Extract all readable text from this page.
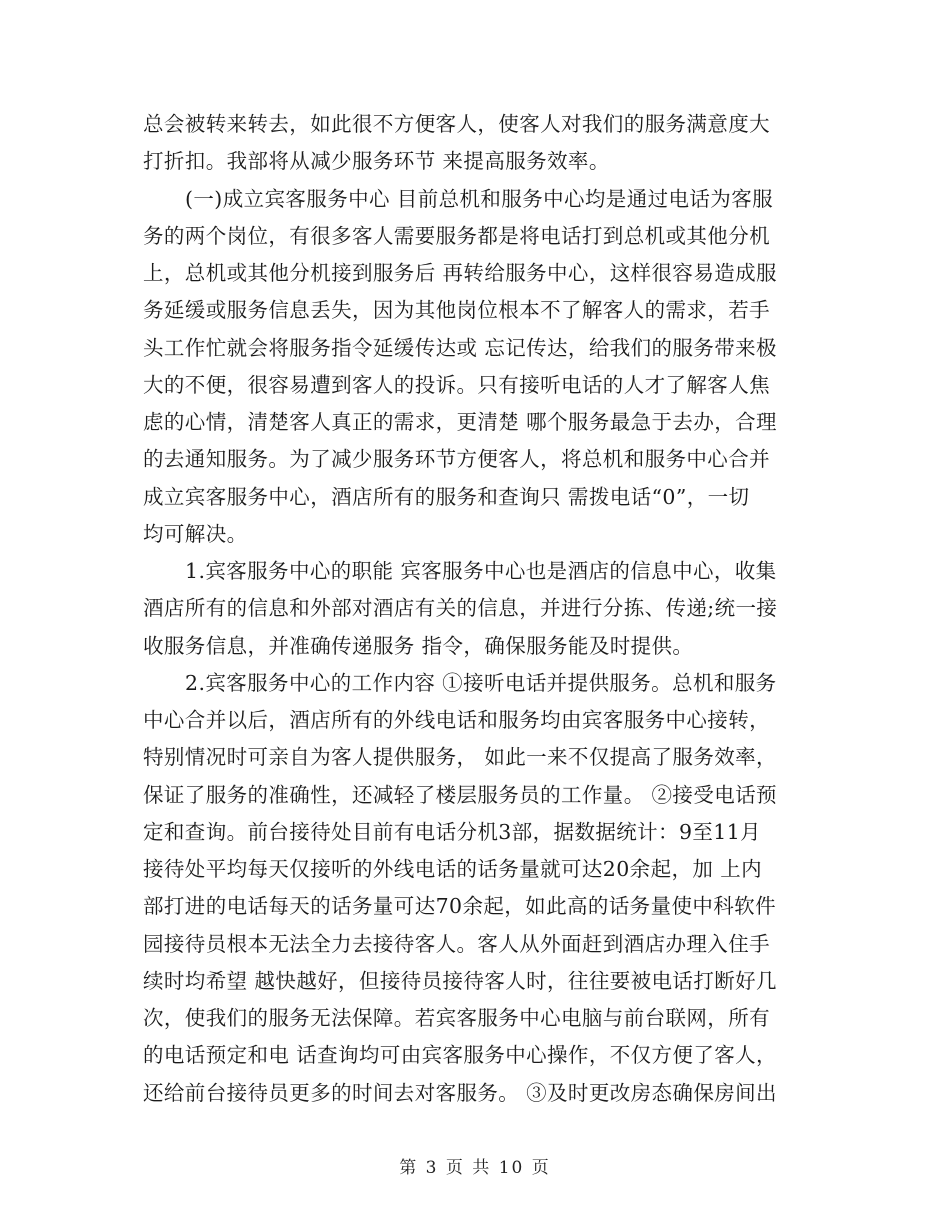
总会被转来转去，如此很不方便客人，使客人对我们的服务满意度大
打折扣。我部将从减少服务环节 来提高服务效率。
(一)成立宾客服务中心 目前总机和服务中心均是通过电话为客服
务的两个岗位，有很多客人需要服务都是将电话打到总机或其他分机
上，总机或其他分机接到服务后 再转给服务中心，这样很容易造成服
务延缓或服务信息丢失，因为其他岗位根本不了解客人的需求，若手
头工作忙就会将服务指令延缓传达或 忘记传达，给我们的服务带来极
大的不便，很容易遭到客人的投诉。只有接听电话的人才了解客人焦
虑的心情，清楚客人真正的需求，更清楚 哪个服务最急于去办，合理
的去通知服务。为了减少服务环节方便客人，将总机和服务中心合并
成立宾客服务中心，酒店所有的服务和查询只 需拨电话“0”，一切
均可解决。
1.宾客服务中心的职能 宾客服务中心也是酒店的信息中心，收集
酒店所有的信息和外部对酒店有关的信息，并进行分拣、传递;统一接
收服务信息，并准确传递服务 指令，确保服务能及时提供。
2.宾客服务中心的工作内容 ①接听电话并提供服务。总机和服务
中心合并以后，酒店所有的外线电话和服务均由宾客服务中心接转，
特别情况时可亲自为客人提供服务， 如此一来不仅提高了服务效率，
保证了服务的准确性，还减轻了楼层服务员的工作量。 ②接受电话预
定和查询。前台接待处目前有电话分机3部，据数据统计：9至11月
接待处平均每天仅接听的外线电话的话务量就可达20余起，加 上内
部打进的电话每天的话务量可达70余起，如此高的话务量使中科软件
园接待员根本无法全力去接待客人。客人从外面赶到酒店办理入住手
续时均希望 越快越好，但接待员接待客人时，往往要被电话打断好几
次，使我们的服务无法保障。若宾客服务中心电脑与前台联网，所有
的电话预定和电 话查询均可由宾客服务中心操作，不仅方便了客人，
还给前台接待员更多的时间去对客服务。 ③及时更改房态确保房间出
第 3 页 共 10 页
